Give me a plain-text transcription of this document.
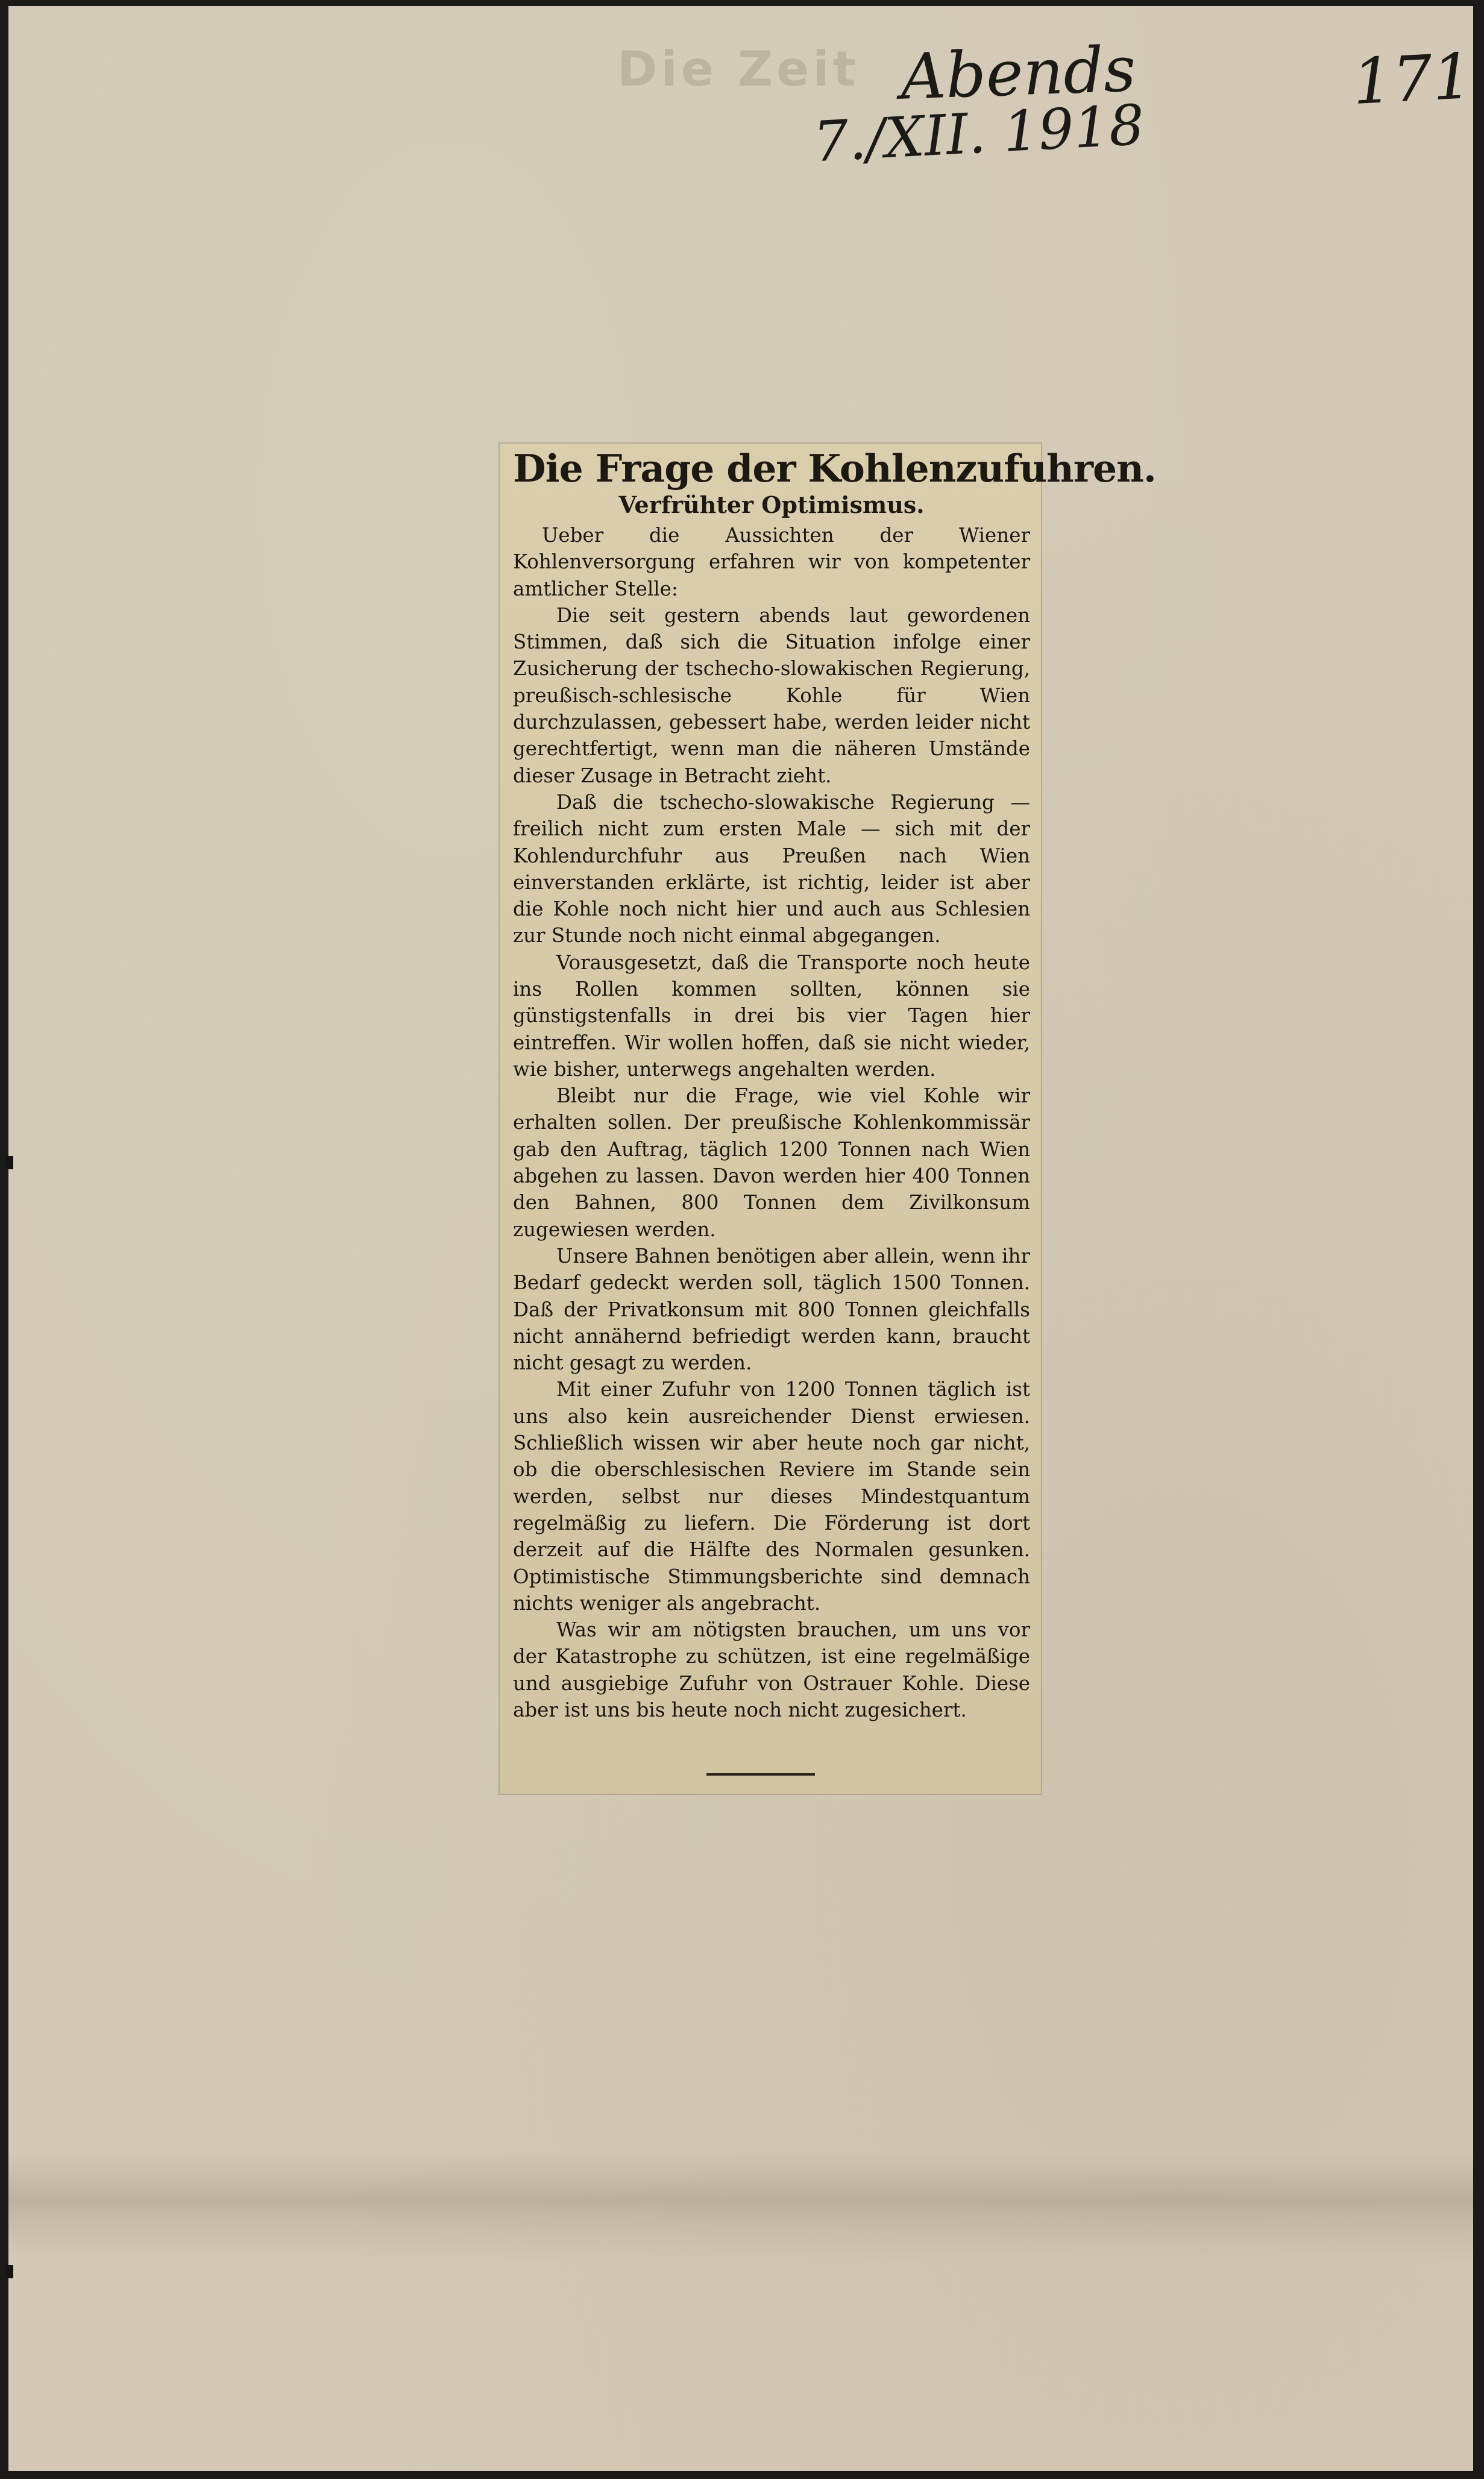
Die Zeit Abends
7./XII. 1918
171
Die Frage der Kohlenzufuhren.
Verfrühter Optimismus.

Ueber die Aussichten der Wiener Kohlenversorgung erfahren wir von kompetenter amtlicher Stelle:

Die seit gestern abends laut gewordenen Stimmen, daß sich die Situation infolge einer Zusicherung der tschecho-slowakischen Regierung, preußisch-schlesische Kohle für Wien durchzulassen, gebessert habe, werden leider nicht gerechtfertigt, wenn man die näheren Umstände dieser Zusage in Betracht zieht.

Daß die tschecho-slowakische Regierung — freilich nicht zum ersten Male — sich mit der Kohlendurchfuhr aus Preußen nach Wien einverstanden erklärte, ist richtig, leider ist aber die Kohle noch nicht hier und auch aus Schlesien zur Stunde noch nicht einmal abgegangen.

Vorausgesetzt, daß die Transporte noch heute ins Rollen kommen sollten, können sie günstigstenfalls in drei bis vier Tagen hier eintreffen. Wir wollen hoffen, daß sie nicht wieder, wie bisher, unterwegs angehalten werden.

Bleibt nur die Frage, wie viel Kohle wir erhalten sollen. Der preußische Kohlenkommissär gab den Auftrag, täglich 1200 Tonnen nach Wien abgehen zu lassen. Davon werden hier 400 Tonnen den Bahnen, 800 Tonnen dem Zivilkonsum zugewiesen werden.

Unsere Bahnen benötigen aber allein, wenn ihr Bedarf gedeckt werden soll, täglich 1500 Tonnen. Daß der Privatkonsum mit 800 Tonnen gleichfalls nicht annähernd befriedigt werden kann, braucht nicht gesagt zu werden.

Mit einer Zufuhr von 1200 Tonnen täglich ist uns also kein ausreichender Dienst erwiesen. Schließlich wissen wir aber heute noch gar nicht, ob die oberschlesischen Reviere im Stande sein werden, selbst nur dieses Mindestquantum regelmäßig zu liefern. Die Förderung ist dort derzeit auf die Hälfte des Normalen gesunken. Optimistische Stimmungsberichte sind demnach nichts weniger als angebracht.

Was wir am nötigsten brauchen, um uns vor der Katastrophe zu schützen, ist eine regelmäßige und ausgiebige Zufuhr von Ostrauer Kohle. Diese aber ist uns bis heute noch nicht zugesichert.
